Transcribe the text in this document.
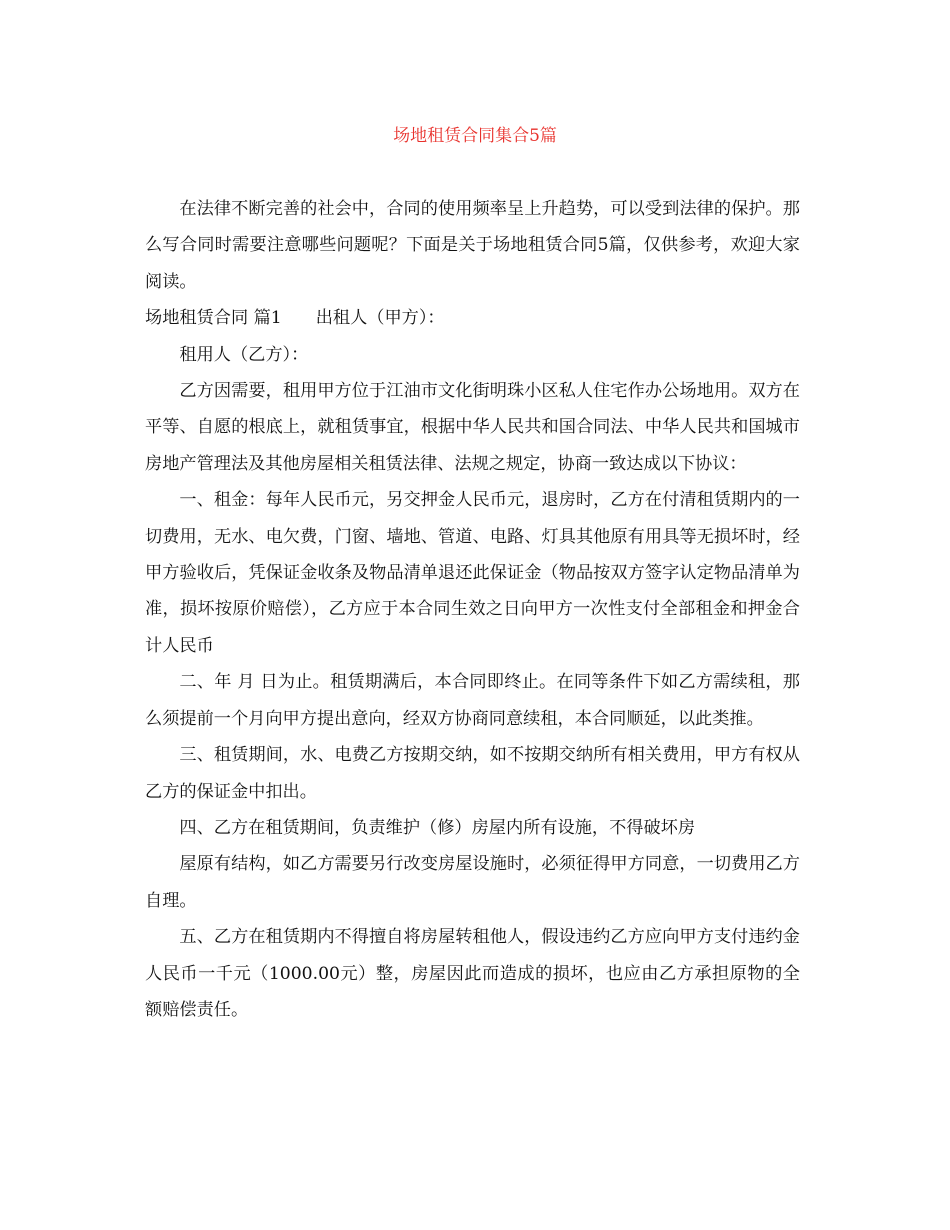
场地租赁合同集合5篇

在法律不断完善的社会中，合同的使用频率呈上升趋势，可以受到法律的保护。那么写合同时需要注意哪些问题呢？下面是关于场地租赁合同5篇，仅供参考，欢迎大家阅读。

场地租赁合同 篇1 出租人（甲方）：

租用人（乙方）：

乙方因需要，租用甲方位于江油市文化街明珠小区私人住宅作办公场地用。双方在平等、自愿的根底上，就租赁事宜，根据中华人民共和国合同法、中华人民共和国城市房地产管理法及其他房屋相关租赁法律、法规之规定，协商一致达成以下协议：

一、租金：每年人民币元，另交押金人民币元，退房时，乙方在付清租赁期内的一切费用，无水、电欠费，门窗、墙地、管道、电路、灯具其他原有用具等无损坏时，经甲方验收后，凭保证金收条及物品清单退还此保证金（物品按双方签字认定物品清单为准，损坏按原价赔偿），乙方应于本合同生效之日向甲方一次性支付全部租金和押金合计人民币

二、年 月 日为止。租赁期满后，本合同即终止。在同等条件下如乙方需续租，那么须提前一个月向甲方提出意向，经双方协商同意续租，本合同顺延，以此类推。

三、租赁期间，水、电费乙方按期交纳，如不按期交纳所有相关费用，甲方有权从乙方的保证金中扣出。

四、乙方在租赁期间，负责维护（修）房屋内所有设施，不得破坏房

屋原有结构，如乙方需要另行改变房屋设施时，必须征得甲方同意，一切费用乙方自理。

五、乙方在租赁期内不得擅自将房屋转租他人，假设违约乙方应向甲方支付违约金人民币一千元（1000.00元）整，房屋因此而造成的损坏，也应由乙方承担原物的全额赔偿责任。
